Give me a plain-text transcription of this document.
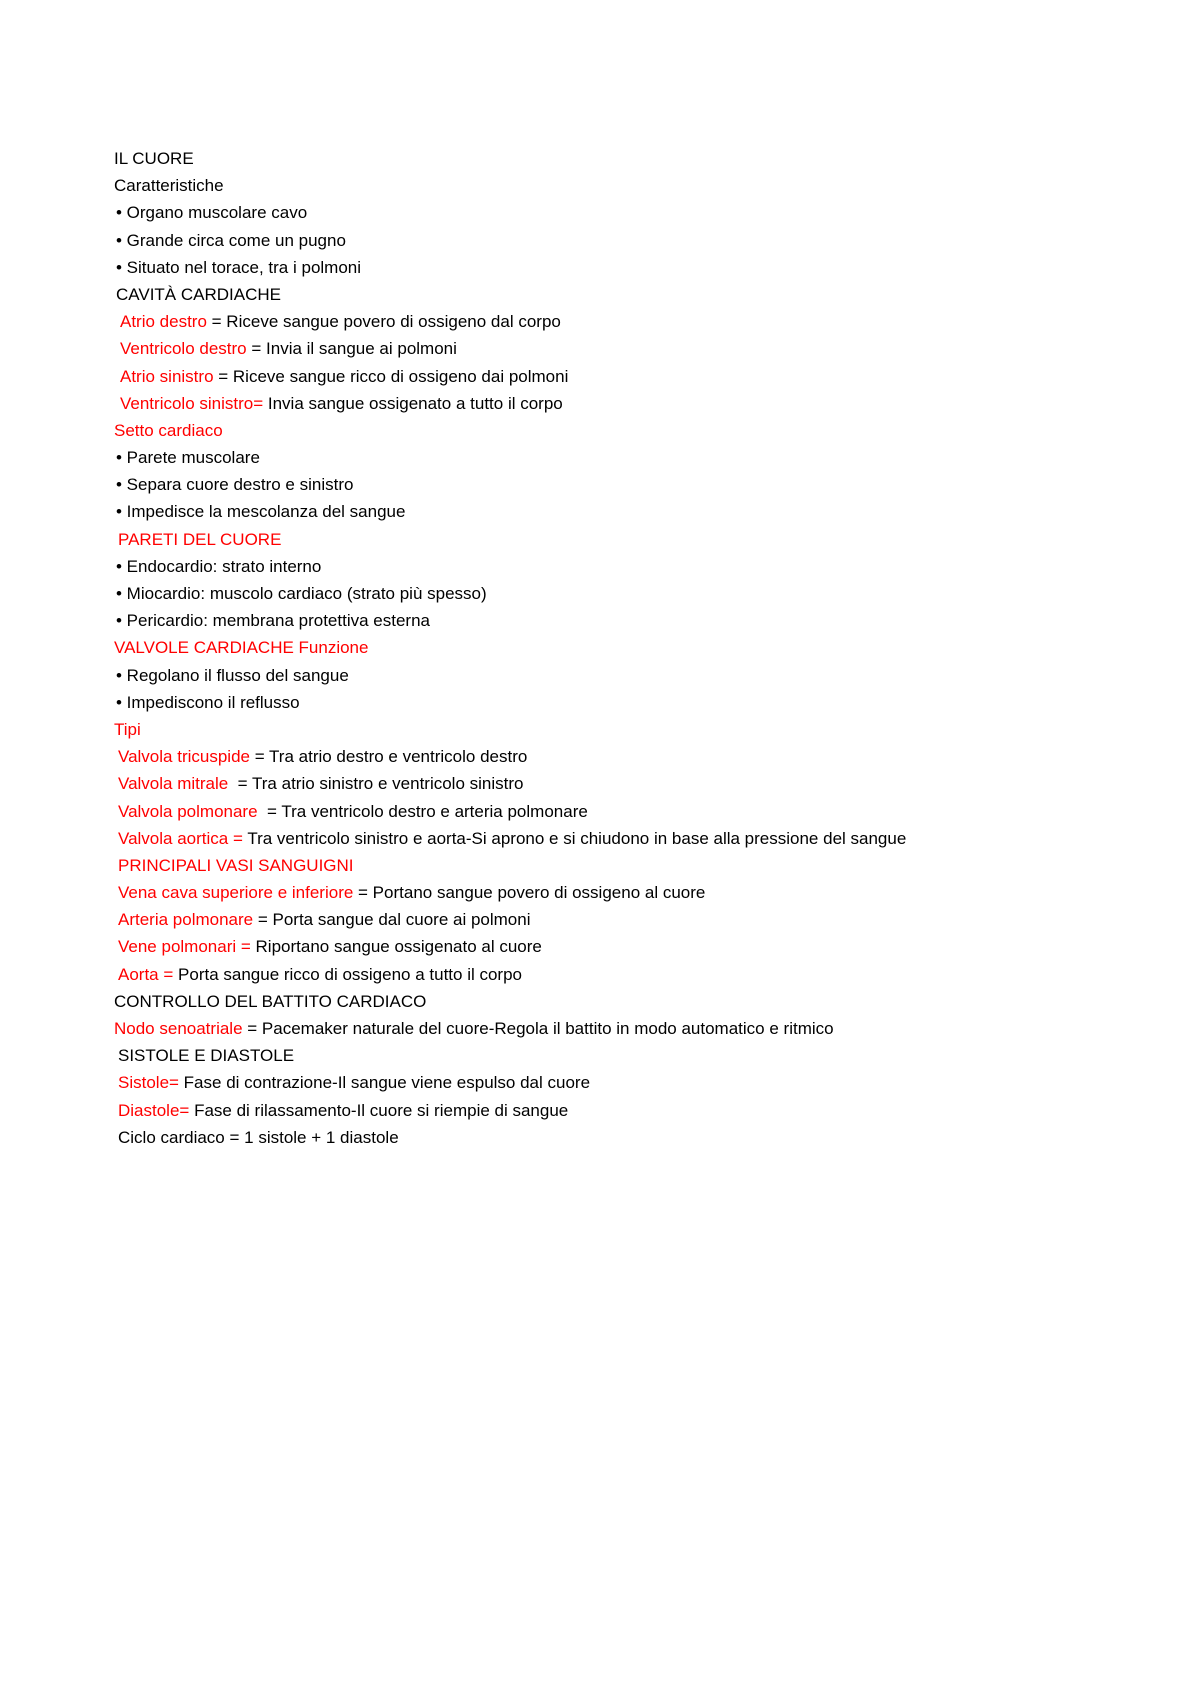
IL CUORE
Caratteristiche
• Organo muscolare cavo
• Grande circa come un pugno
• Situato nel torace, tra i polmoni
CAVITÀ CARDIACHE
Atrio destro = Riceve sangue povero di ossigeno dal corpo
Ventricolo destro = Invia il sangue ai polmoni
Atrio sinistro = Riceve sangue ricco di ossigeno dai polmoni
Ventricolo sinistro= Invia sangue ossigenato a tutto il corpo
Setto cardiaco
• Parete muscolare
• Separa cuore destro e sinistro
• Impedisce la mescolanza del sangue
PARETI DEL CUORE
• Endocardio: strato interno
• Miocardio: muscolo cardiaco (strato più spesso)
• Pericardio: membrana protettiva esterna
VALVOLE CARDIACHE Funzione
• Regolano il flusso del sangue
• Impediscono il reflusso
Tipi
Valvola tricuspide = Tra atrio destro e ventricolo destro
Valvola mitrale  = Tra atrio sinistro e ventricolo sinistro
Valvola polmonare  = Tra ventricolo destro e arteria polmonare
Valvola aortica = Tra ventricolo sinistro e aorta-Si aprono e si chiudono in base alla pressione del sangue
PRINCIPALI VASI SANGUIGNI
Vena cava superiore e inferiore = Portano sangue povero di ossigeno al cuore
Arteria polmonare = Porta sangue dal cuore ai polmoni
Vene polmonari = Riportano sangue ossigenato al cuore
Aorta = Porta sangue ricco di ossigeno a tutto il corpo
CONTROLLO DEL BATTITO CARDIACO
Nodo senoatriale = Pacemaker naturale del cuore-Regola il battito in modo automatico e ritmico
SISTOLE E DIASTOLE
Sistole= Fase di contrazione-Il sangue viene espulso dal cuore
Diastole= Fase di rilassamento-Il cuore si riempie di sangue
Ciclo cardiaco = 1 sistole + 1 diastole
